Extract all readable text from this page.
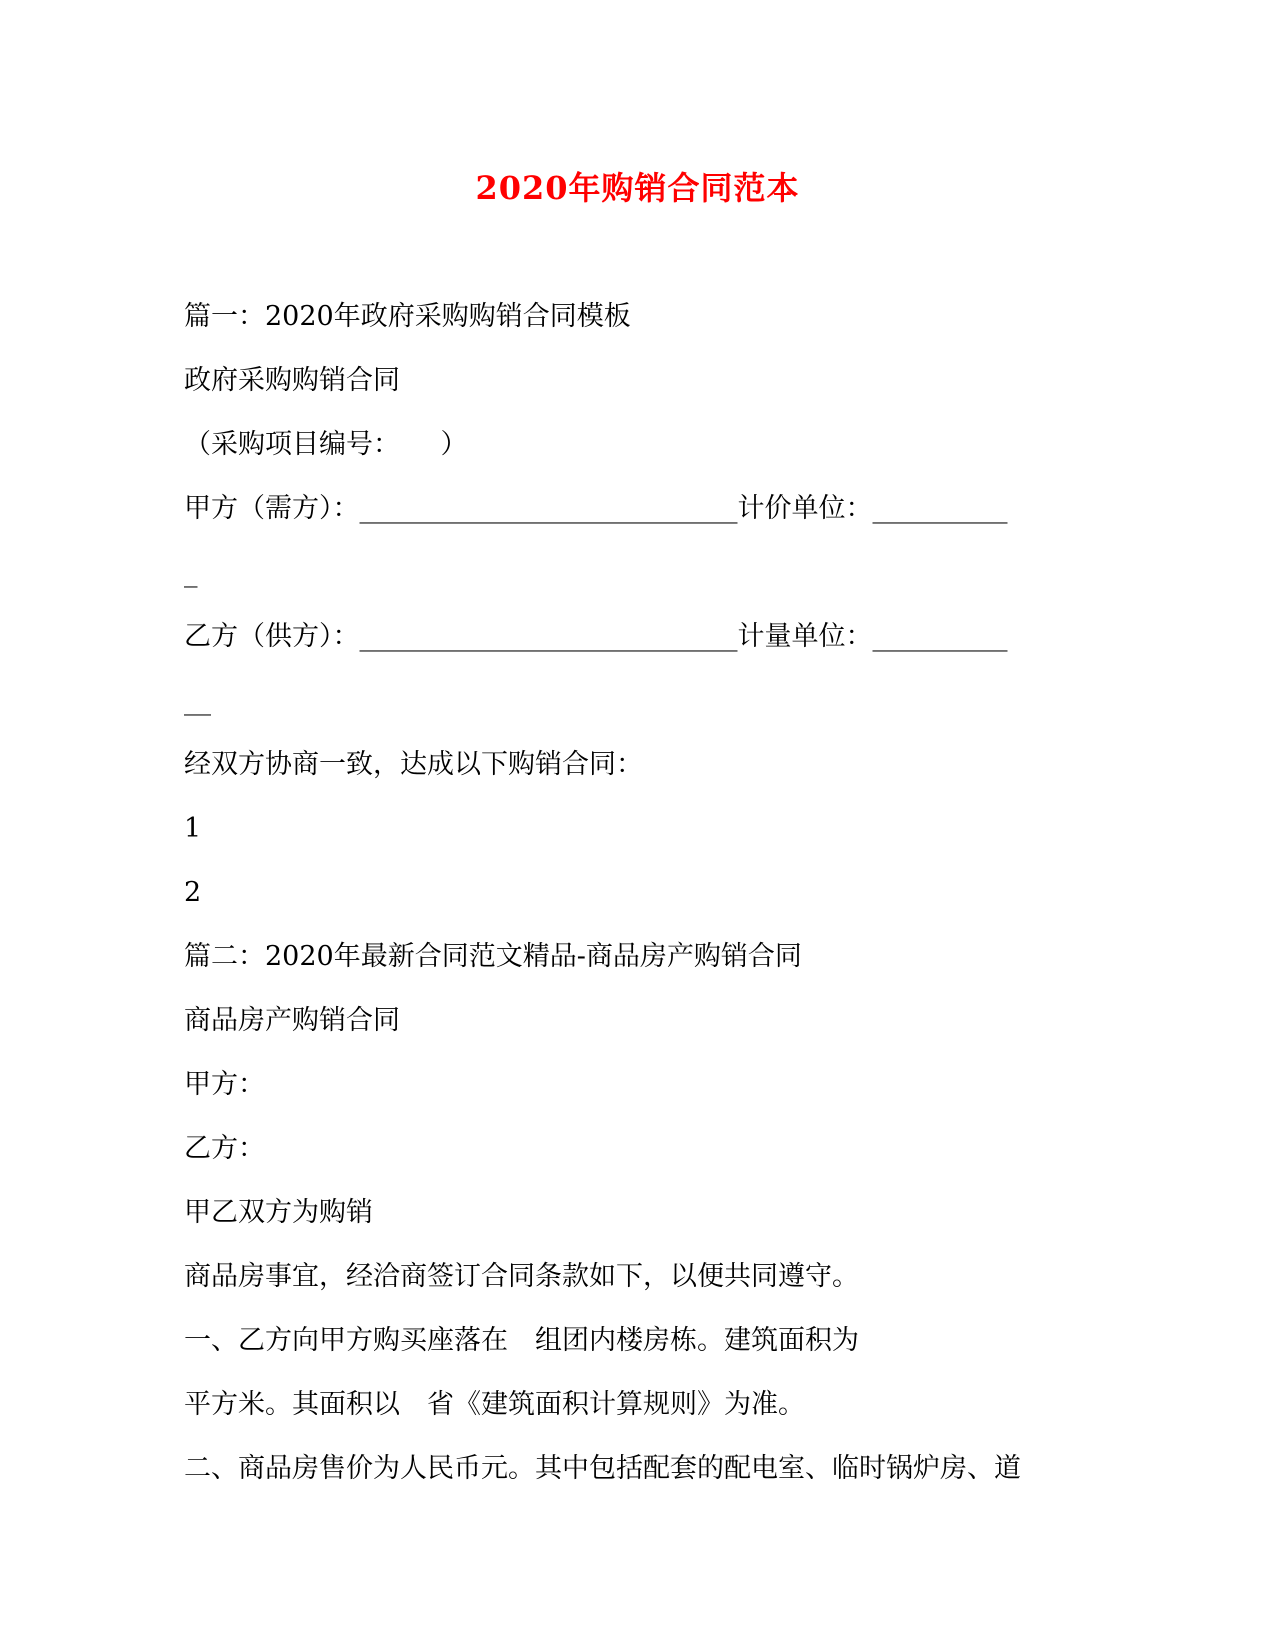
2020年购销合同范本
篇一：2020年政府采购购销合同模板
政府采购购销合同
（采购项目编号：　　）
甲方（需方）：____________________________计价单位：__________
_
乙方（供方）：____________________________计量单位：__________
__
经双方协商一致，达成以下购销合同：
1
2
篇二：2020年最新合同范文精品-商品房产购销合同
商品房产购销合同
甲方：
乙方：
甲乙双方为购销
商品房事宜，经洽商签订合同条款如下，以便共同遵守。
一、乙方向甲方购买座落在　组团内楼房栋。建筑面积为
平方米。其面积以　省《建筑面积计算规则》为准。
二、商品房售价为人民币元。其中包括配套的配电室、临时锅炉房、道
